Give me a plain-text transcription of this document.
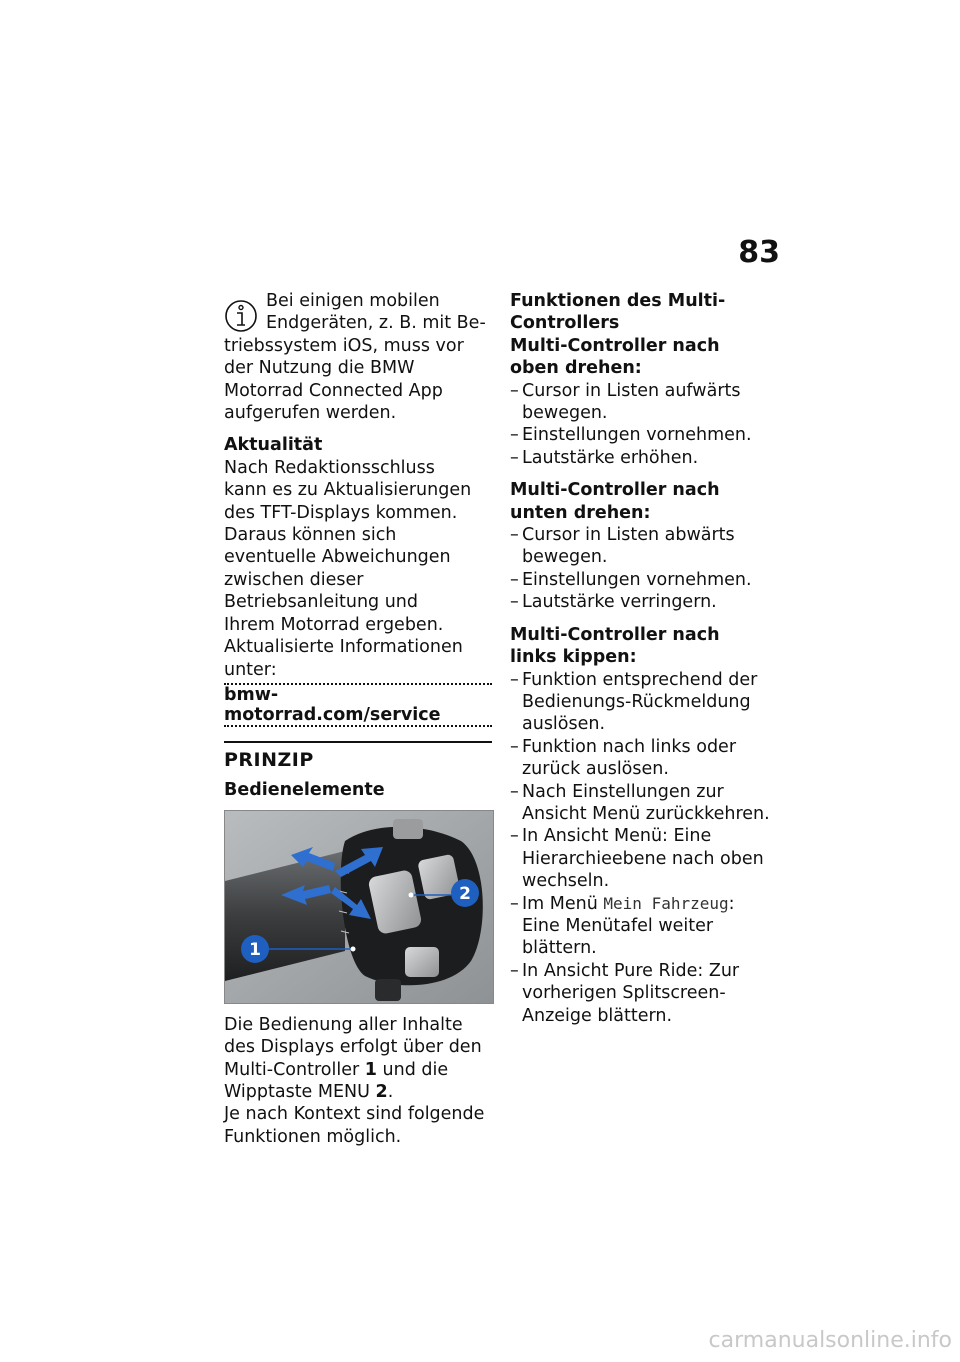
83

Bei einigen mobilen

Endgeräten, z. B. mit Be-

triebssystem iOS, muss vor der Nutzung die BMW Motorrad Connected App aufgerufen werden.

Aktualität

Nach Redaktionsschluss kann es zu Aktualisierungen des TFT-Displays kommen. Daraus können sich eventuelle Abweichungen zwischen dieser Betriebsanleitung und Ihrem Motorrad ergeben. Aktualisierte Informationen unter:

bmw-motorrad.com/service
PRINZIP

Bedienelemente

1
2

Die Bedienung aller Inhalte des Displays erfolgt über den Multi-Controller 1 und die Wipptaste MENU 2.

Je nach Kontext sind folgende Funktionen möglich.

Funktionen des Multi-Controllers

Multi-Controller nach oben drehen:

– Cursor in Listen aufwärts bewegen.
– Einstellungen vornehmen.
– Lautstärke erhöhen.

Multi-Controller nach unten drehen:

– Cursor in Listen abwärts bewegen.
– Einstellungen vornehmen.
– Lautstärke verringern.

Multi-Controller nach links kippen:

– Funktion entsprechend der Bedienungs-Rückmeldung auslösen.
– Funktion nach links oder zurück auslösen.
– Nach Einstellungen zur Ansicht Menü zurückkehren.
– In Ansicht Menü: Eine Hierarchieebene nach oben wechseln.
– Im Menü Mein Fahrzeug: Eine Menütafel weiter blättern.
– In Ansicht Pure Ride: Zur vorherigen Splitscreen-Anzeige blättern.
carmanualsonline.info
